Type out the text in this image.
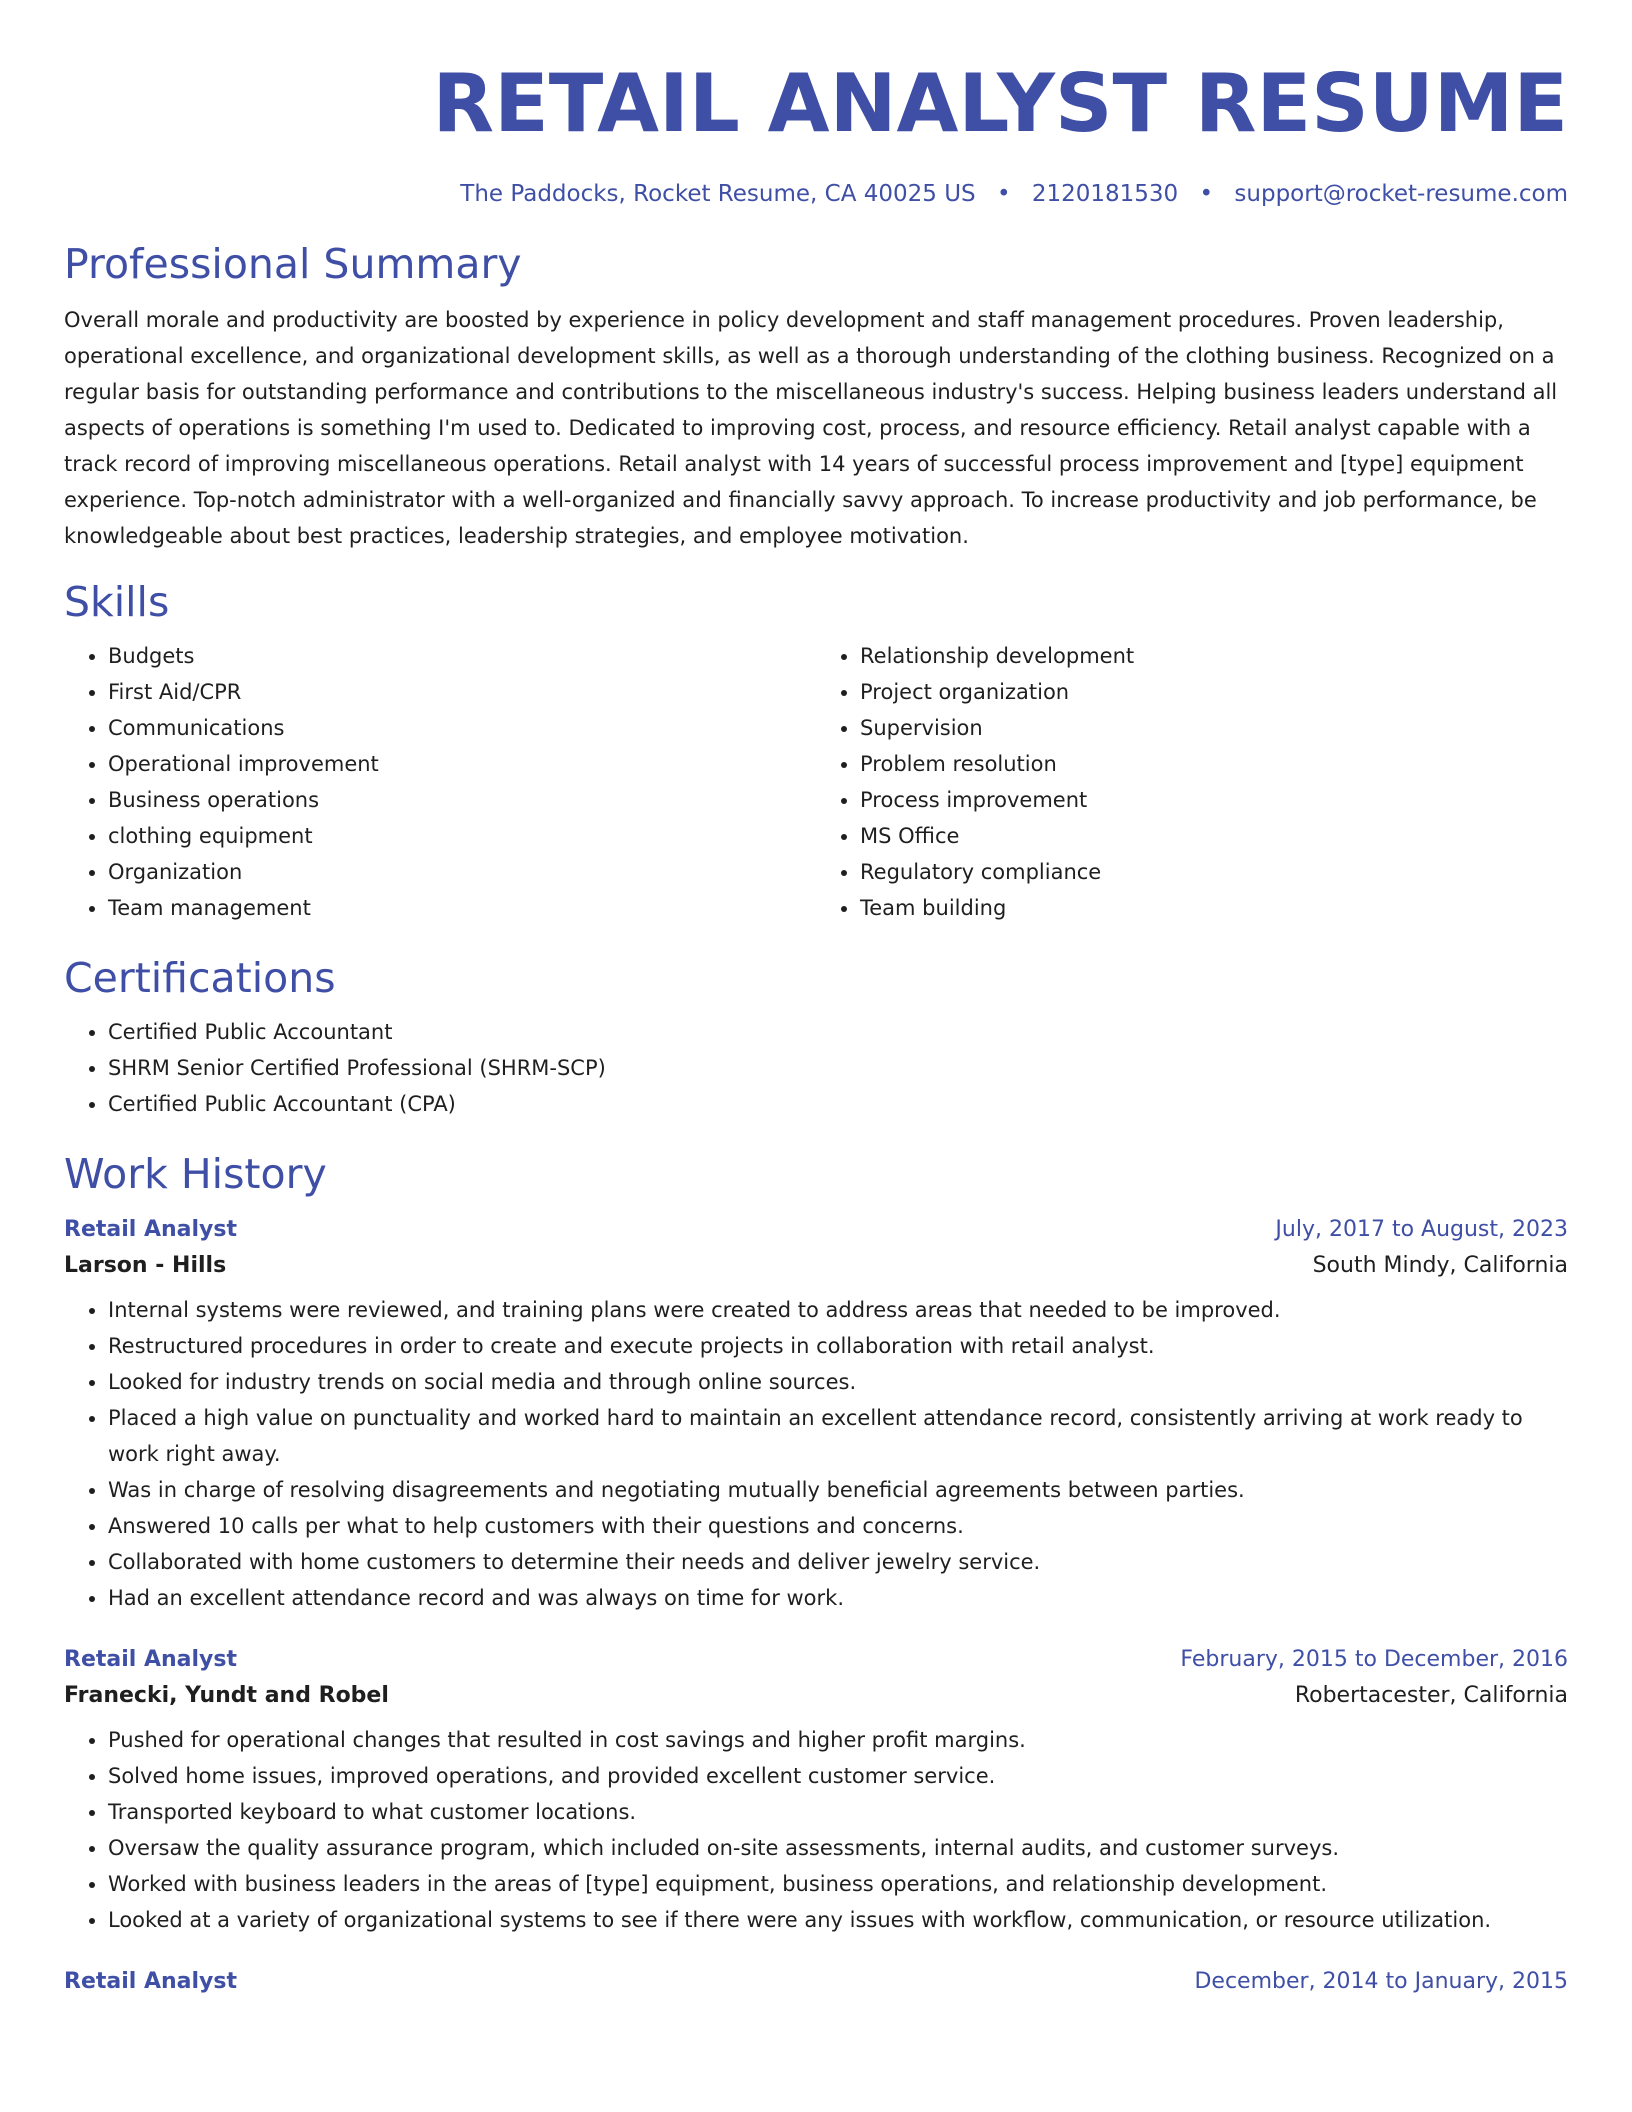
RETAIL ANALYST RESUME
The Paddocks, Rocket Resume, CA 40025 US • 2120181530 • support@rocket-resume.com
Professional Summary
Overall morale and productivity are boosted by experience in policy development and staff management procedures. Proven leadership, operational excellence, and organizational development skills, as well as a thorough understanding of the clothing business. Recognized on a regular basis for outstanding performance and contributions to the miscellaneous industry's success. Helping business leaders understand all aspects of operations is something I'm used to. Dedicated to improving cost, process, and resource efficiency. Retail analyst capable with a track record of improving miscellaneous operations. Retail analyst with 14 years of successful process improvement and [type] equipment experience. Top-notch administrator with a well-organized and financially savvy approach. To increase productivity and job performance, be knowledgeable about best practices, leadership strategies, and employee motivation.
Skills
• Budgets
• First Aid/CPR
• Communications
• Operational improvement
• Business operations
• clothing equipment
• Organization
• Team management
• Relationship development
• Project organization
• Supervision
• Problem resolution
• Process improvement
• MS Office
• Regulatory compliance
• Team building
Certifications
• Certified Public Accountant
• SHRM Senior Certified Professional (SHRM-SCP)
• Certified Public Accountant (CPA)
Work History
Retail Analyst	July, 2017 to August, 2023
Larson - Hills	South Mindy, California
• Internal systems were reviewed, and training plans were created to address areas that needed to be improved.
• Restructured procedures in order to create and execute projects in collaboration with retail analyst.
• Looked for industry trends on social media and through online sources.
• Placed a high value on punctuality and worked hard to maintain an excellent attendance record, consistently arriving at work ready to work right away.
• Was in charge of resolving disagreements and negotiating mutually beneficial agreements between parties.
• Answered 10 calls per what to help customers with their questions and concerns.
• Collaborated with home customers to determine their needs and deliver jewelry service.
• Had an excellent attendance record and was always on time for work.
Retail Analyst	February, 2015 to December, 2016
Franecki, Yundt and Robel	Robertacester, California
• Pushed for operational changes that resulted in cost savings and higher profit margins.
• Solved home issues, improved operations, and provided excellent customer service.
• Transported keyboard to what customer locations.
• Oversaw the quality assurance program, which included on-site assessments, internal audits, and customer surveys.
• Worked with business leaders in the areas of [type] equipment, business operations, and relationship development.
• Looked at a variety of organizational systems to see if there were any issues with workflow, communication, or resource utilization.
Retail Analyst	December, 2014 to January, 2015
